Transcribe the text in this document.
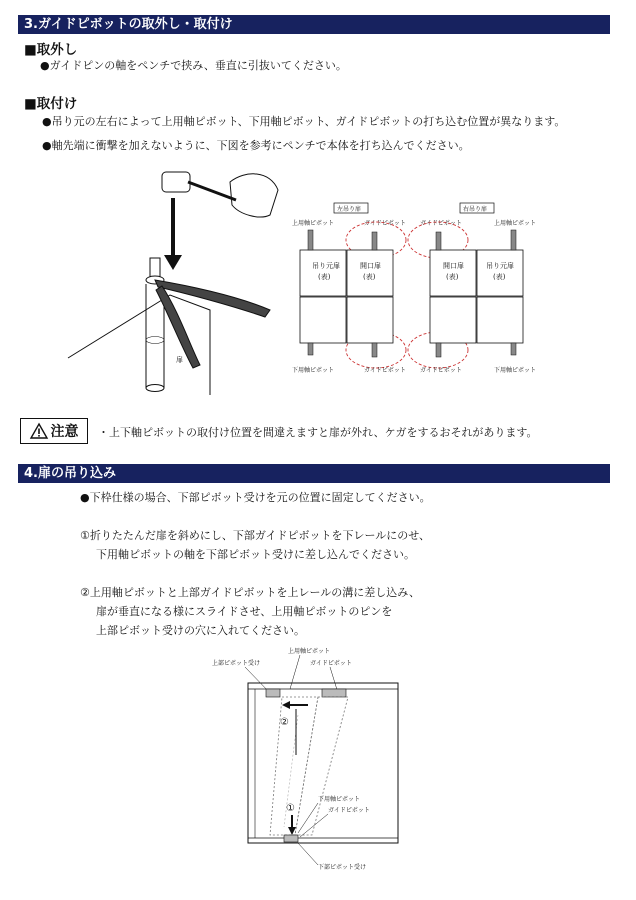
3.ガイドピボットの取外し・取付け
■取外し
●ガイドピンの軸をペンチで挟み、垂直に引抜いてください。
■取付け
●吊り元の左右によって上用軸ピボット、下用軸ピボット、ガイドピボットの打ち込む位置が異なります。
●軸先端に衝撃を加えないように、下図を参考にペンチで本体を打ち込んでください。
扉
左吊り扉	右吊り扉
上用軸ピボット	ガイドピボット ガイドピボット	上用軸ピボット
吊り元扉
(表)
開口扉
(表)
開口扉
(表)
吊り元扉
(表)
下用軸ピボット	ガイドピボット ガイドピボット	下用軸ピボット
注意 ・上下軸ピボットの取付け位置を間違えますと扉が外れ、ケガをするおそれがあります。
4.扉の吊り込み
●下枠仕様の場合、下部ピボット受けを元の位置に固定してください。
①折りたたんだ扉を斜めにし、下部ガイドピボットを下レールにのせ、
下用軸ピボットの軸を下部ピボット受けに差し込んでください。
②上用軸ピボットと上部ガイドピボットを上レールの溝に差し込み、
扉が垂直になる様にスライドさせ、上用軸ピボットのピンを
上部ピボット受けの穴に入れてください。
上用軸ピボット
上部ピボット受け	ガイドピボット
②
①
下用軸ピボット
ガイドピボット
下部ピボット受け
